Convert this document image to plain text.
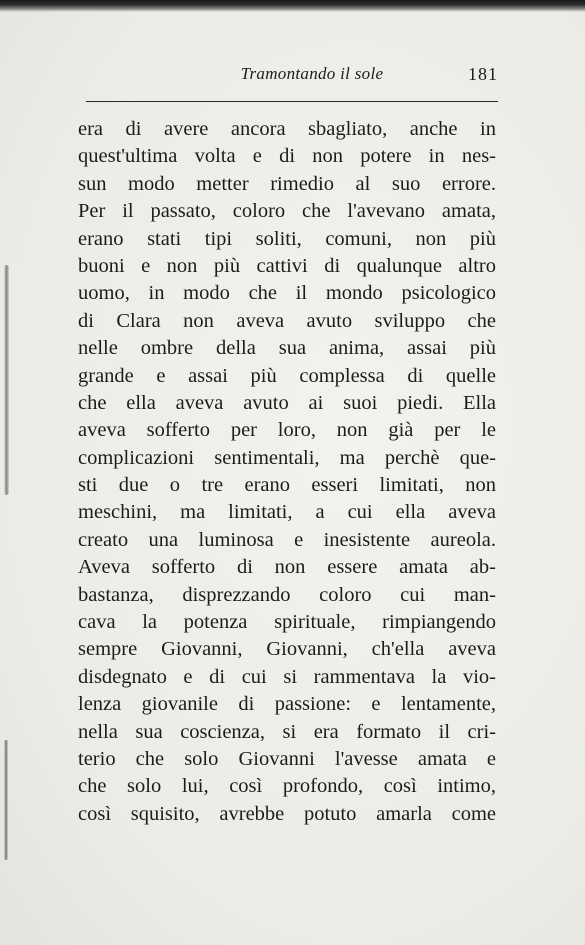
Tramontando il sole	181
era di avere ancora sbagliato, anche in
quest'ultima volta e di non potere in nes-
sun modo metter rimedio al suo errore.
Per il passato, coloro che l'avevano amata,
erano stati tipi soliti, comuni, non più
buoni e non più cattivi di qualunque altro
uomo, in modo che il mondo psicologico
di Clara non aveva avuto sviluppo che
nelle ombre della sua anima, assai più
grande e assai più complessa di quelle
che ella aveva avuto ai suoi piedi. Ella
aveva sofferto per loro, non già per le
complicazioni sentimentali, ma perchè que-
sti due o tre erano esseri limitati, non
meschini, ma limitati, a cui ella aveva
creato una luminosa e inesistente aureola.
Aveva sofferto di non essere amata ab-
bastanza, disprezzando coloro cui man-
cava la potenza spirituale, rimpiangendo
sempre Giovanni, Giovanni, ch'ella aveva
disdegnato e di cui si rammentava la vio-
lenza giovanile di passione: e lentamente,
nella sua coscienza, si era formato il cri-
terio che solo Giovanni l'avesse amata e
che solo lui, così profondo, così intimo,
così squisito, avrebbe potuto amarla come
